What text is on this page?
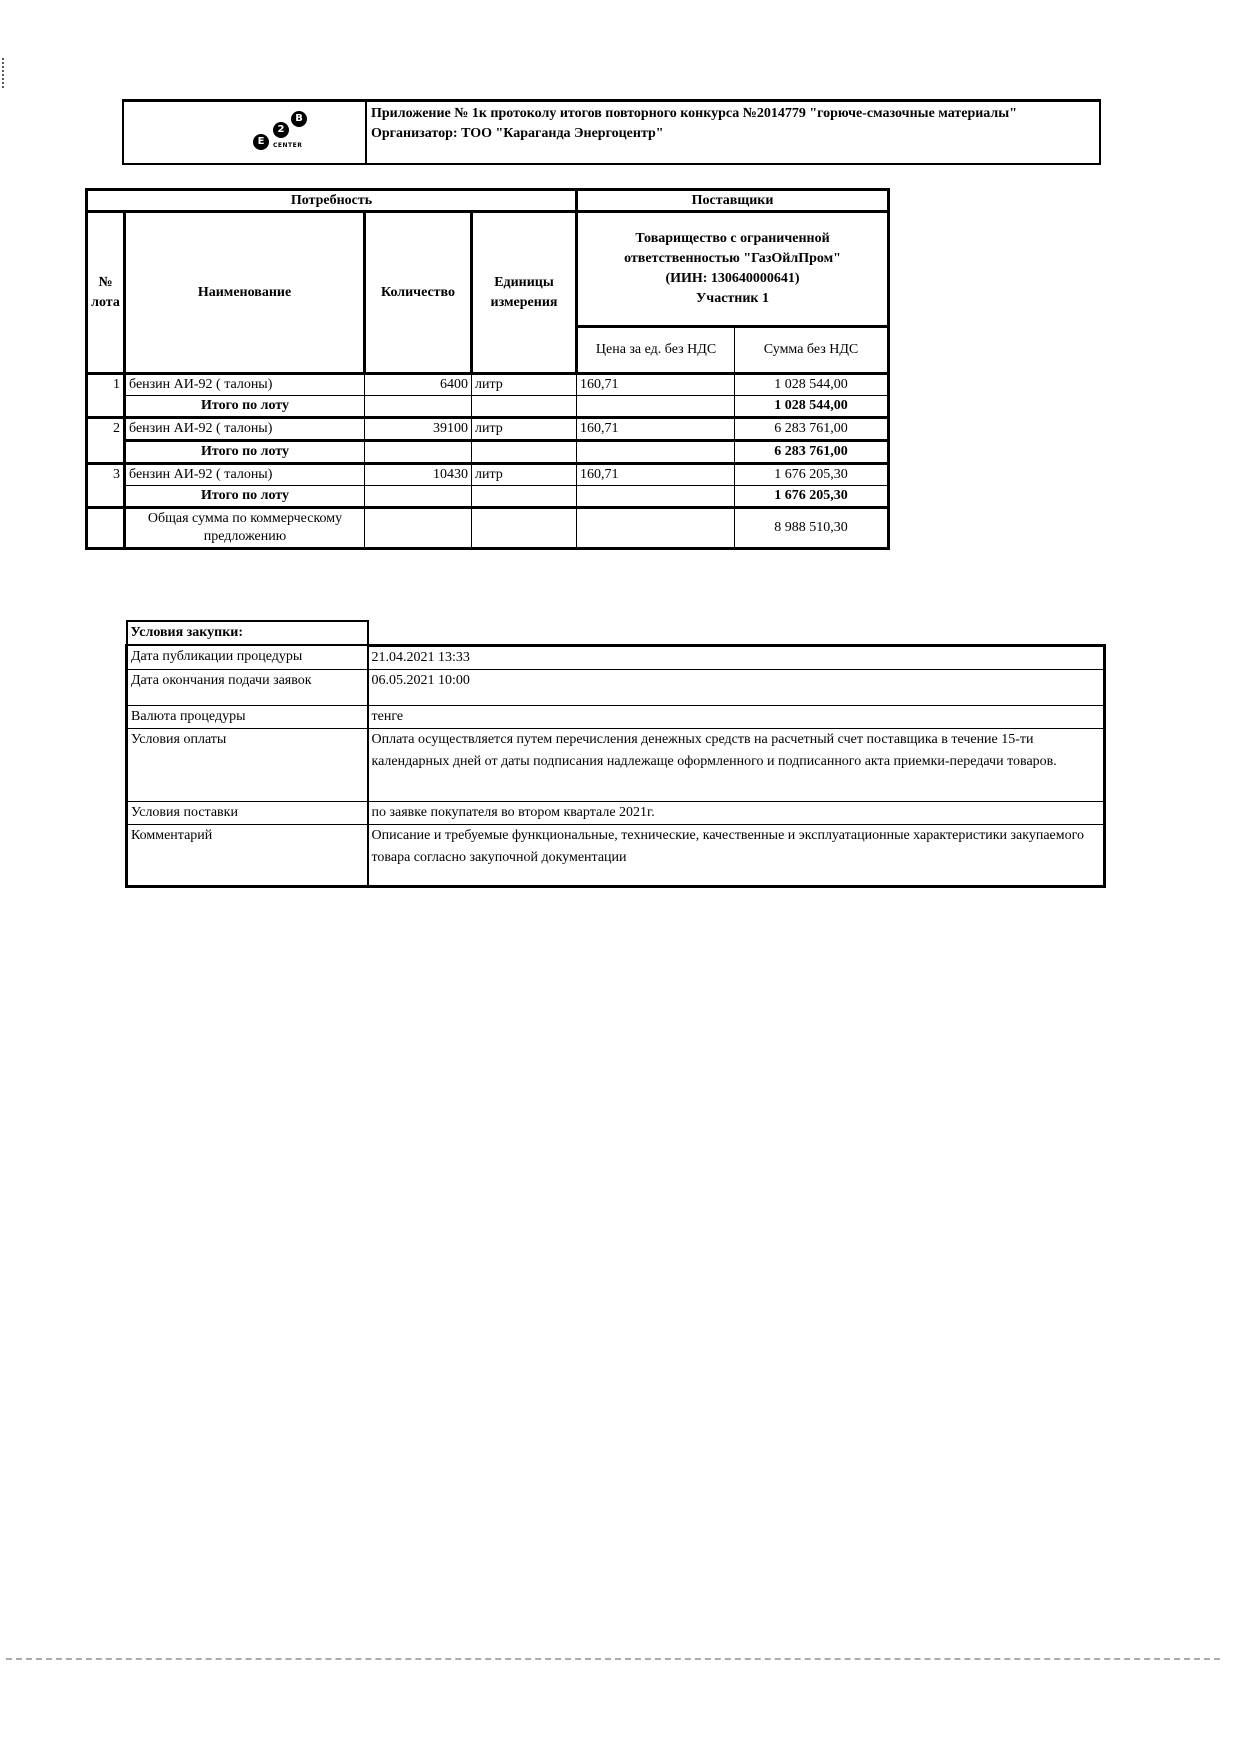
E
2
B
CENTER
Приложение № 1к протоколу итогов повторного конкурса №2014779 "горюче-смазочные материалы"
Организатор: ТОО "Караганда Энергоцентр"
Потребность				Поставщики	
№ лота	Наименование	Количество	Единицы измерения	Товарищество с ограниченной
ответственностью "ГазОйлПром"
(ИИН: 130640000641)
Участник 1	

				Цена за ед. без НДС	Сумма без НДС
1	бензин АИ-92 ( талоны)	6400	литр	160,71	1 028 544,00
	Итого по лоту				1 028 544,00
2	бензин АИ-92 ( талоны)	39100	литр	160,71	6 283 761,00
	Итого по лоту				6 283 761,00
3	бензин АИ-92 ( талоны)	10430	литр	160,71	1 676 205,30
	Итого по лоту				1 676 205,30
	Общая сумма по коммерческому предложению				8 988 510,30
Условия закупки:	
Дата публикации процедуры	21.04.2021 13:33
Дата окончания подачи заявок	06.05.2021 10:00
Валюта процедуры	тенге
Условия оплаты	Оплата осуществляется путем перечисления денежных средств на расчетный счет поставщика в течение 15-ти календарных дней от даты подписания надлежаще оформленного и подписанного акта приемки-передачи товаров.
Условия поставки	по заявке покупателя во втором квартале 2021г.
Комментарий	Описание и требуемые функциональные, технические, качественные и эксплуатационные характеристики закупаемого товара согласно закупочной документации
